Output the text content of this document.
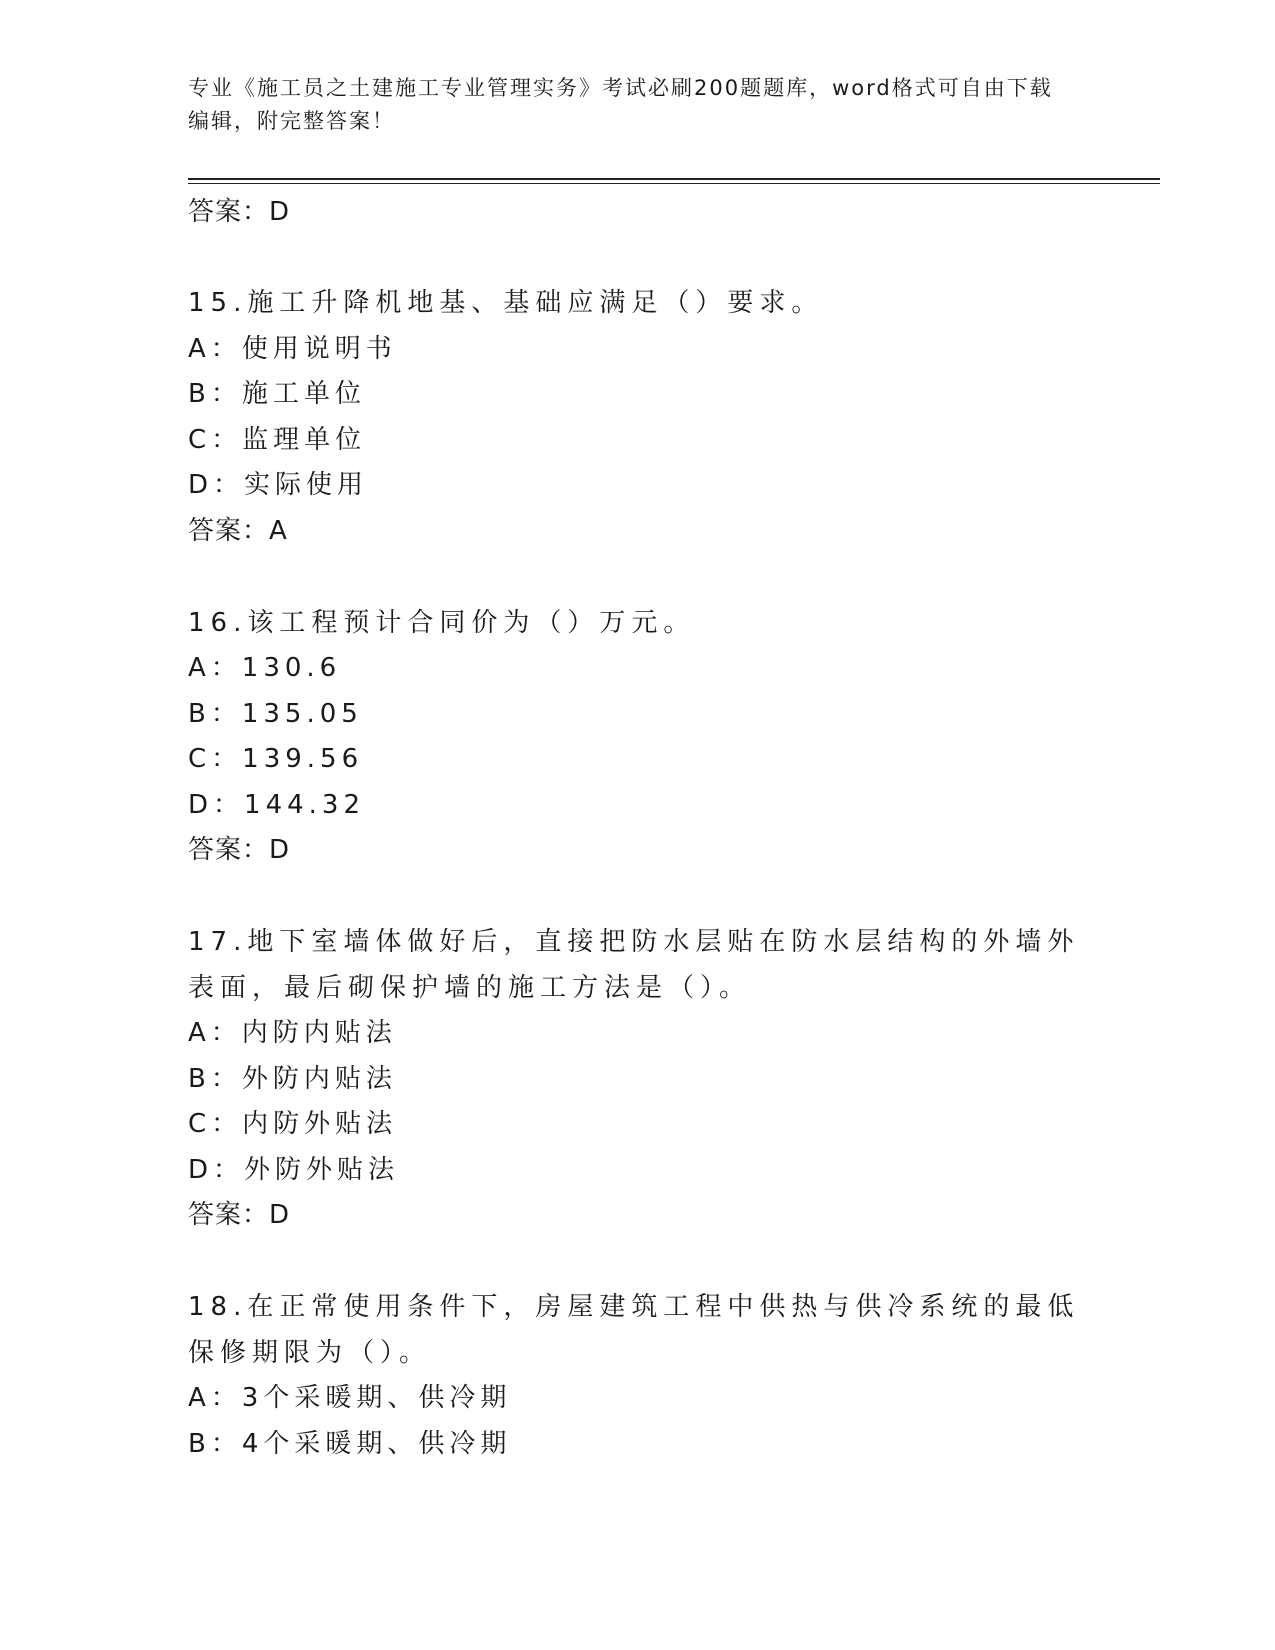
专业《施工员之土建施工专业管理实务》考试必刷200题题库，word格式可自由下载编辑，附完整答案！
答案：D
15.施工升降机地基、基础应满足（）要求。
A：使用说明书
B：施工单位
C：监理单位
D：实际使用
答案：A
16.该工程预计合同价为（）万元。
A：130.6
B：135.05
C：139.56
D：144.32
答案：D
17.地下室墙体做好后，直接把防水层贴在防水层结构的外墙外表面，最后砌保护墙的施工方法是（）。
A：内防内贴法
B：外防内贴法
C：内防外贴法
D：外防外贴法
答案：D
18.在正常使用条件下，房屋建筑工程中供热与供冷系统的最低保修期限为（）。
A：3个采暖期、供冷期
B：4个采暖期、供冷期
